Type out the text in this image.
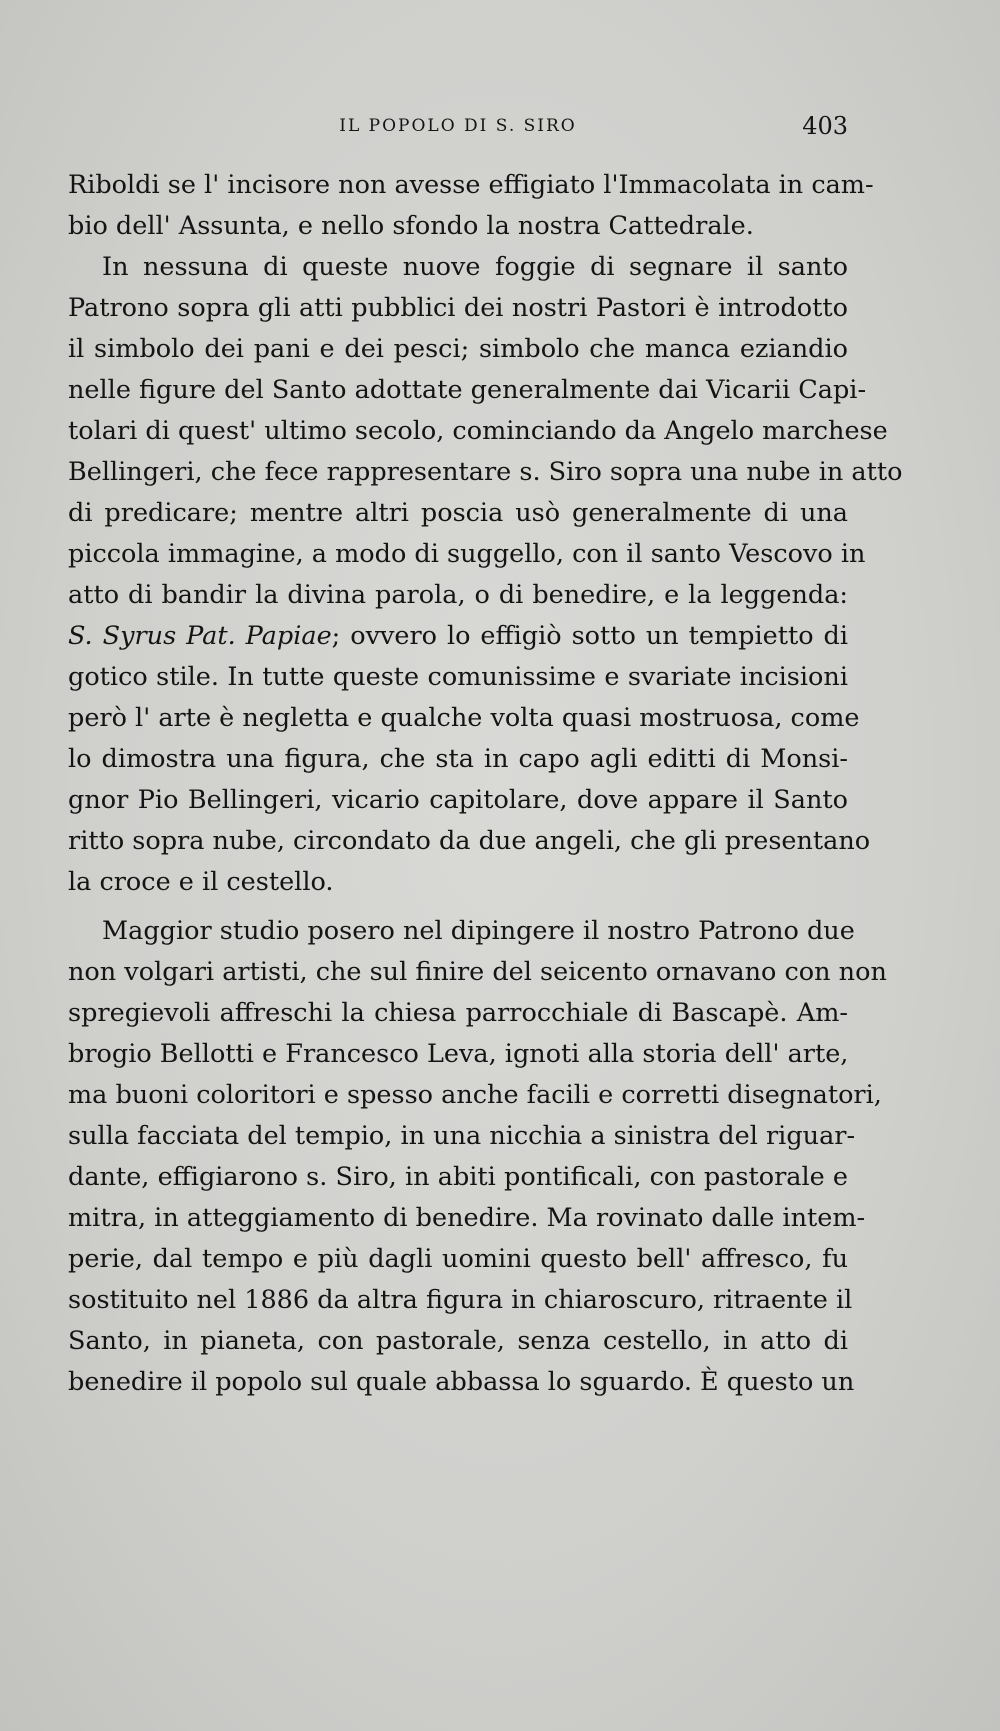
IL POPOLO DI S. SIRO	403
Riboldi se l' incisore non avesse effigiato l'Immacolata in cam-
bio dell' Assunta, e nello sfondo la nostra Cattedrale.
In nessuna di queste nuove foggie di segnare il santo
Patrono sopra gli atti pubblici dei nostri Pastori è introdotto
il simbolo dei pani e dei pesci; simbolo che manca eziandio
nelle figure del Santo adottate generalmente dai Vicarii Capi-
tolari di quest' ultimo secolo, cominciando da Angelo marchese
Bellingeri, che fece rappresentare s. Siro sopra una nube in atto
di predicare; mentre altri poscia usò generalmente di una
piccola immagine, a modo di suggello, con il santo Vescovo in
atto di bandir la divina parola, o di benedire, e la leggenda:
S. Syrus Pat. Papiae; ovvero lo effigiò sotto un tempietto di
gotico stile. In tutte queste comunissime e svariate incisioni
però l' arte è negletta e qualche volta quasi mostruosa, come
lo dimostra una figura, che sta in capo agli editti di Monsi-
gnor Pio Bellingeri, vicario capitolare, dove appare il Santo
ritto sopra nube, circondato da due angeli, che gli presentano
la croce e il cestello.
Maggior studio posero nel dipingere il nostro Patrono due
non volgari artisti, che sul finire del seicento ornavano con non
spregievoli affreschi la chiesa parrocchiale di Bascapè. Am-
brogio Bellotti e Francesco Leva, ignoti alla storia dell' arte,
ma buoni coloritori e spesso anche facili e corretti disegnatori,
sulla facciata del tempio, in una nicchia a sinistra del riguar-
dante, effigiarono s. Siro, in abiti pontificali, con pastorale e
mitra, in atteggiamento di benedire. Ma rovinato dalle intem-
perie, dal tempo e più dagli uomini questo bell' affresco, fu
sostituito nel 1886 da altra figura in chiaroscuro, ritraente il
Santo, in pianeta, con pastorale, senza cestello, in atto di
benedire il popolo sul quale abbassa lo sguardo. È questo un
